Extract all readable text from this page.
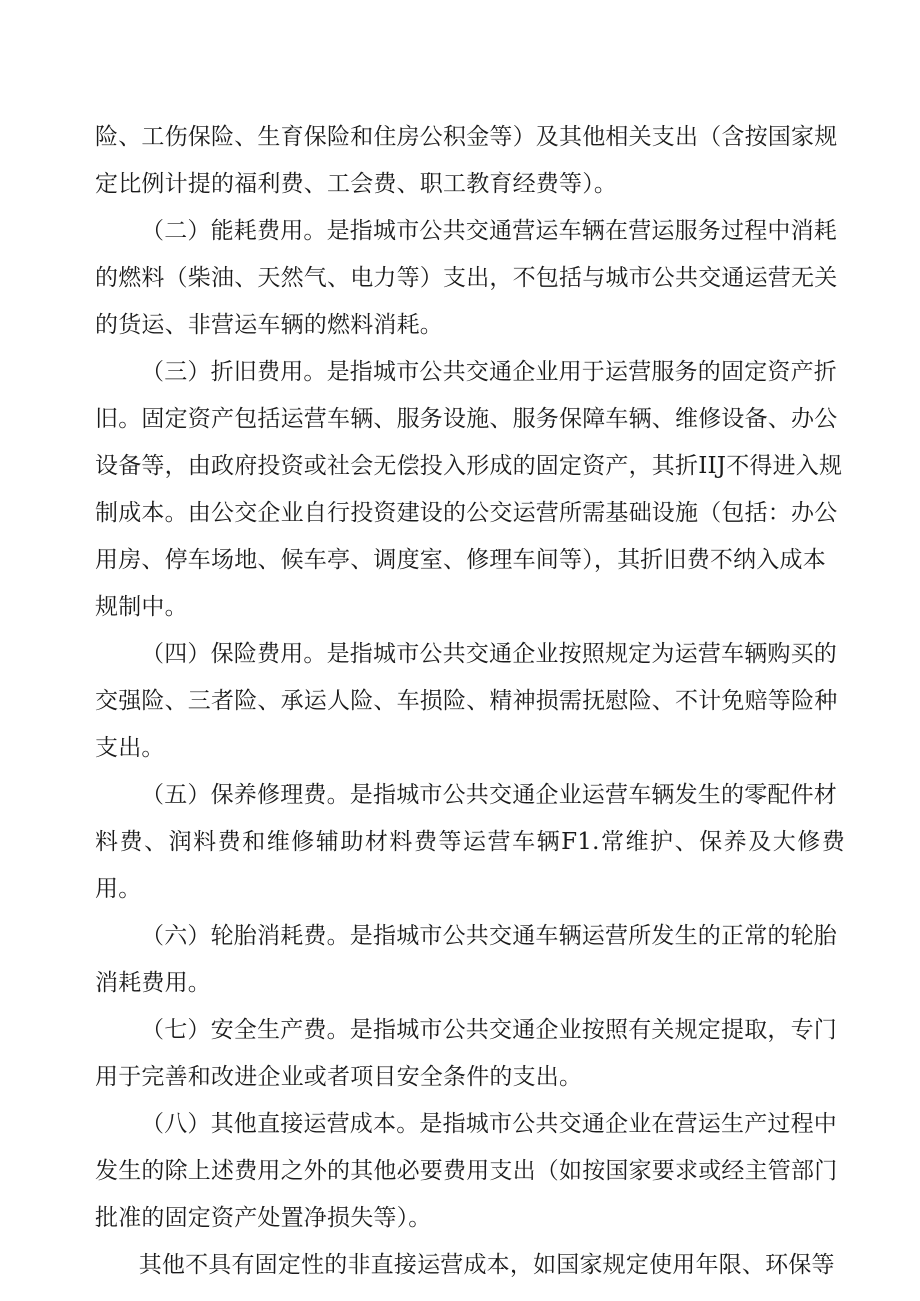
险、工伤保险、生育保险和住房公积金等）及其他相关支出（含按国家规
定比例计提的福利费、工会费、职工教育经费等）。

（二）能耗费用。是指城市公共交通营运车辆在营运服务过程中消耗
的燃料（柴油、天然气、电力等）支出，不包括与城市公共交通运营无关
的货运、非营运车辆的燃料消耗。

（三）折旧费用。是指城市公共交通企业用于运营服务的固定资产折
旧。固定资产包括运营车辆、服务设施、服务保障车辆、维修设备、办公
设备等，由政府投资或社会无偿投入形成的固定资产，其折IIJ不得进入规
制成本。由公交企业自行投资建设的公交运营所需基础设施（包括：办公
用房、停车场地、候车亭、调度室、修理车间等），其折旧费不纳入成本
规制中。

（四）保险费用。是指城市公共交通企业按照规定为运营车辆购买的
交强险、三者险、承运人险、车损险、精神损需抚慰险、不计免赔等险种
支出。

（五）保养修理费。是指城市公共交通企业运营车辆发生的零配件材
料费、润料费和维修辅助材料费等运营车辆F1.常维护、保养及大修费用。

（六）轮胎消耗费。是指城市公共交通车辆运营所发生的正常的轮胎
消耗费用。

（七）安全生产费。是指城市公共交通企业按照有关规定提取，专门
用于完善和改进企业或者项目安全条件的支出。

（八）其他直接运营成本。是指城市公共交通企业在营运生产过程中
发生的除上述费用之外的其他必要费用支出（如按国家要求或经主管部门
批准的固定资产处置净损失等）。

其他不具有固定性的非直接运营成本，如国家规定使用年限、环保等
